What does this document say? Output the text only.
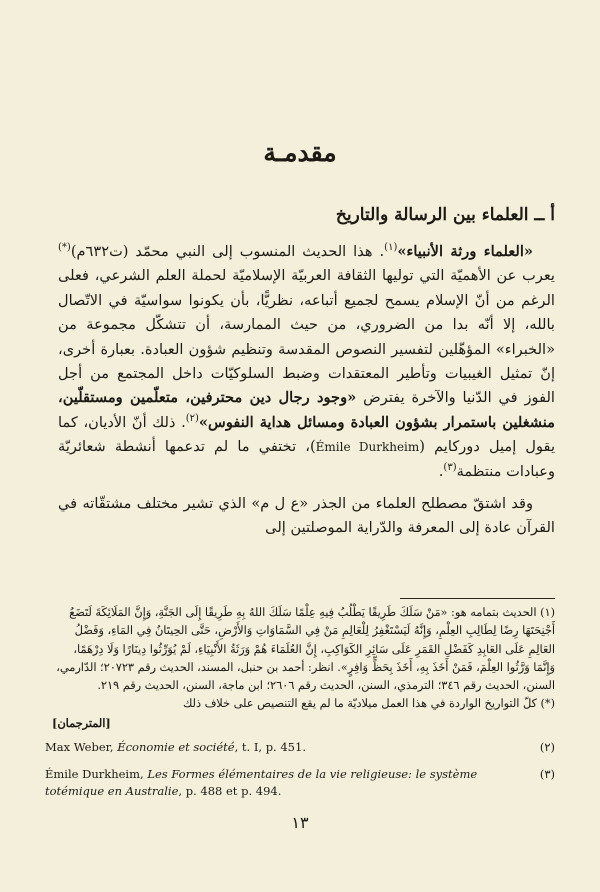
مقدمـة
أ ــ العلماء بين الرسالة والتاريخ

«العلماء ورثة الأنبياء»$^{(١)}$. هذا الحديث المنسوب إلى النبي محمّد (ت٦٣٢م)(*) يعرب عن الأهميّة التي توليها الثقافة العربيّة الإسلاميّة لحملة العلم الشرعي، فعلى الرغم من أنّ الإسلام يسمح لجميع أتباعه، نظريًّا، بأن يكونوا سواسيّة في الاتّصال بالله، إلا أنّه بدا من الضروري، من حيث الممارسة، أن تتشكّل مجموعة من «الخبراء» المؤهّلين لتفسير النصوص المقدسة وتنظيم شؤون العبادة. بعبارة أخرى، إنّ تمثيل الغيبيات وتأطير المعتقدات وضبط السلوكيّات داخل المجتمع من أجل الفوز في الدّنيا والآخرة يفترض «وجود رجال دين محترفين، متعلّمين ومستقلّين، منشغلين باستمرار بشؤون العبادة ومسائل هداية النفوس»$^{(٢)}$. ذلك أنّ الأديان، كما يقول إميل دوركايم (Émile Durkheim)، تختفي ما لم تدعمها أنشطة شعائريّة وعبادات منتظمة$^{(٣)}$.

وقد اشتقّ مصطلح العلماء من الجذر «ع ل م» الذي تشير مختلف مشتقّاته في القرآن عادة إلى المعرفة والدّراية الموصلتين إلى

(١) الحديث بتمامه هو: «مَنْ سَلَكَ طَرِيقًا يَطْلُبُ فِيهِ عِلْمًا سَلَكَ اللهُ بِهِ طَرِيقًا إِلَى الجَنَّةِ، وَإِنَّ المَلَائِكَةَ لَتَضَعُ أَجْنِحَتَهَا رِضًا لِطَالِبِ العِلْمِ، وَإِنَّهُ لَيَسْتَغْفِرُ لِلْعَالِمِ مَنْ فِي السَّمَاوَاتِ وَالأَرْضِ، حَتَّى الحِيتَانُ فِي المَاءِ، وَفَضْلُ العَالِمِ عَلَى العَابِدِ كَفَضْلِ القَمَرِ عَلَى سَائِرِ الكَوَاكِبِ، إِنَّ العُلَمَاءَ هُمْ وَرَثَةُ الأَنْبِيَاءِ، لَمْ يُوَرِّثُوا دِينَارًا وَلَا دِرْهَمًا، وَإِنَّمَا وَرَّثُوا العِلْمَ، فَمَنْ أَخَذَ بِهِ، أَخَذَ بِحَظٍّ وَافِرٍ». انظر: أحمد بن حنبل، المسند، الحديث رقم ٢٠٧٢٣؛ الدّارمي، السنن، الحديث رقم ٣٤٦؛ الترمذي، السنن، الحديث رقم ٢٦٠٦؛ ابن ماجة، السنن، الحديث رقم ٢١٩.

(*) كلّ التواريخ الواردة في هذا العمل ميلاديّة ما لم يقع التنصيص على خلاف ذلك

[المترجمان]
(٢)
Max Weber, Économie et société, t. I, p. 451.
(٣)
Émile Durkheim, Les Formes élémentaires de la vie religieuse: le système totémique en Australie, p. 488 et p. 494.
١٣
